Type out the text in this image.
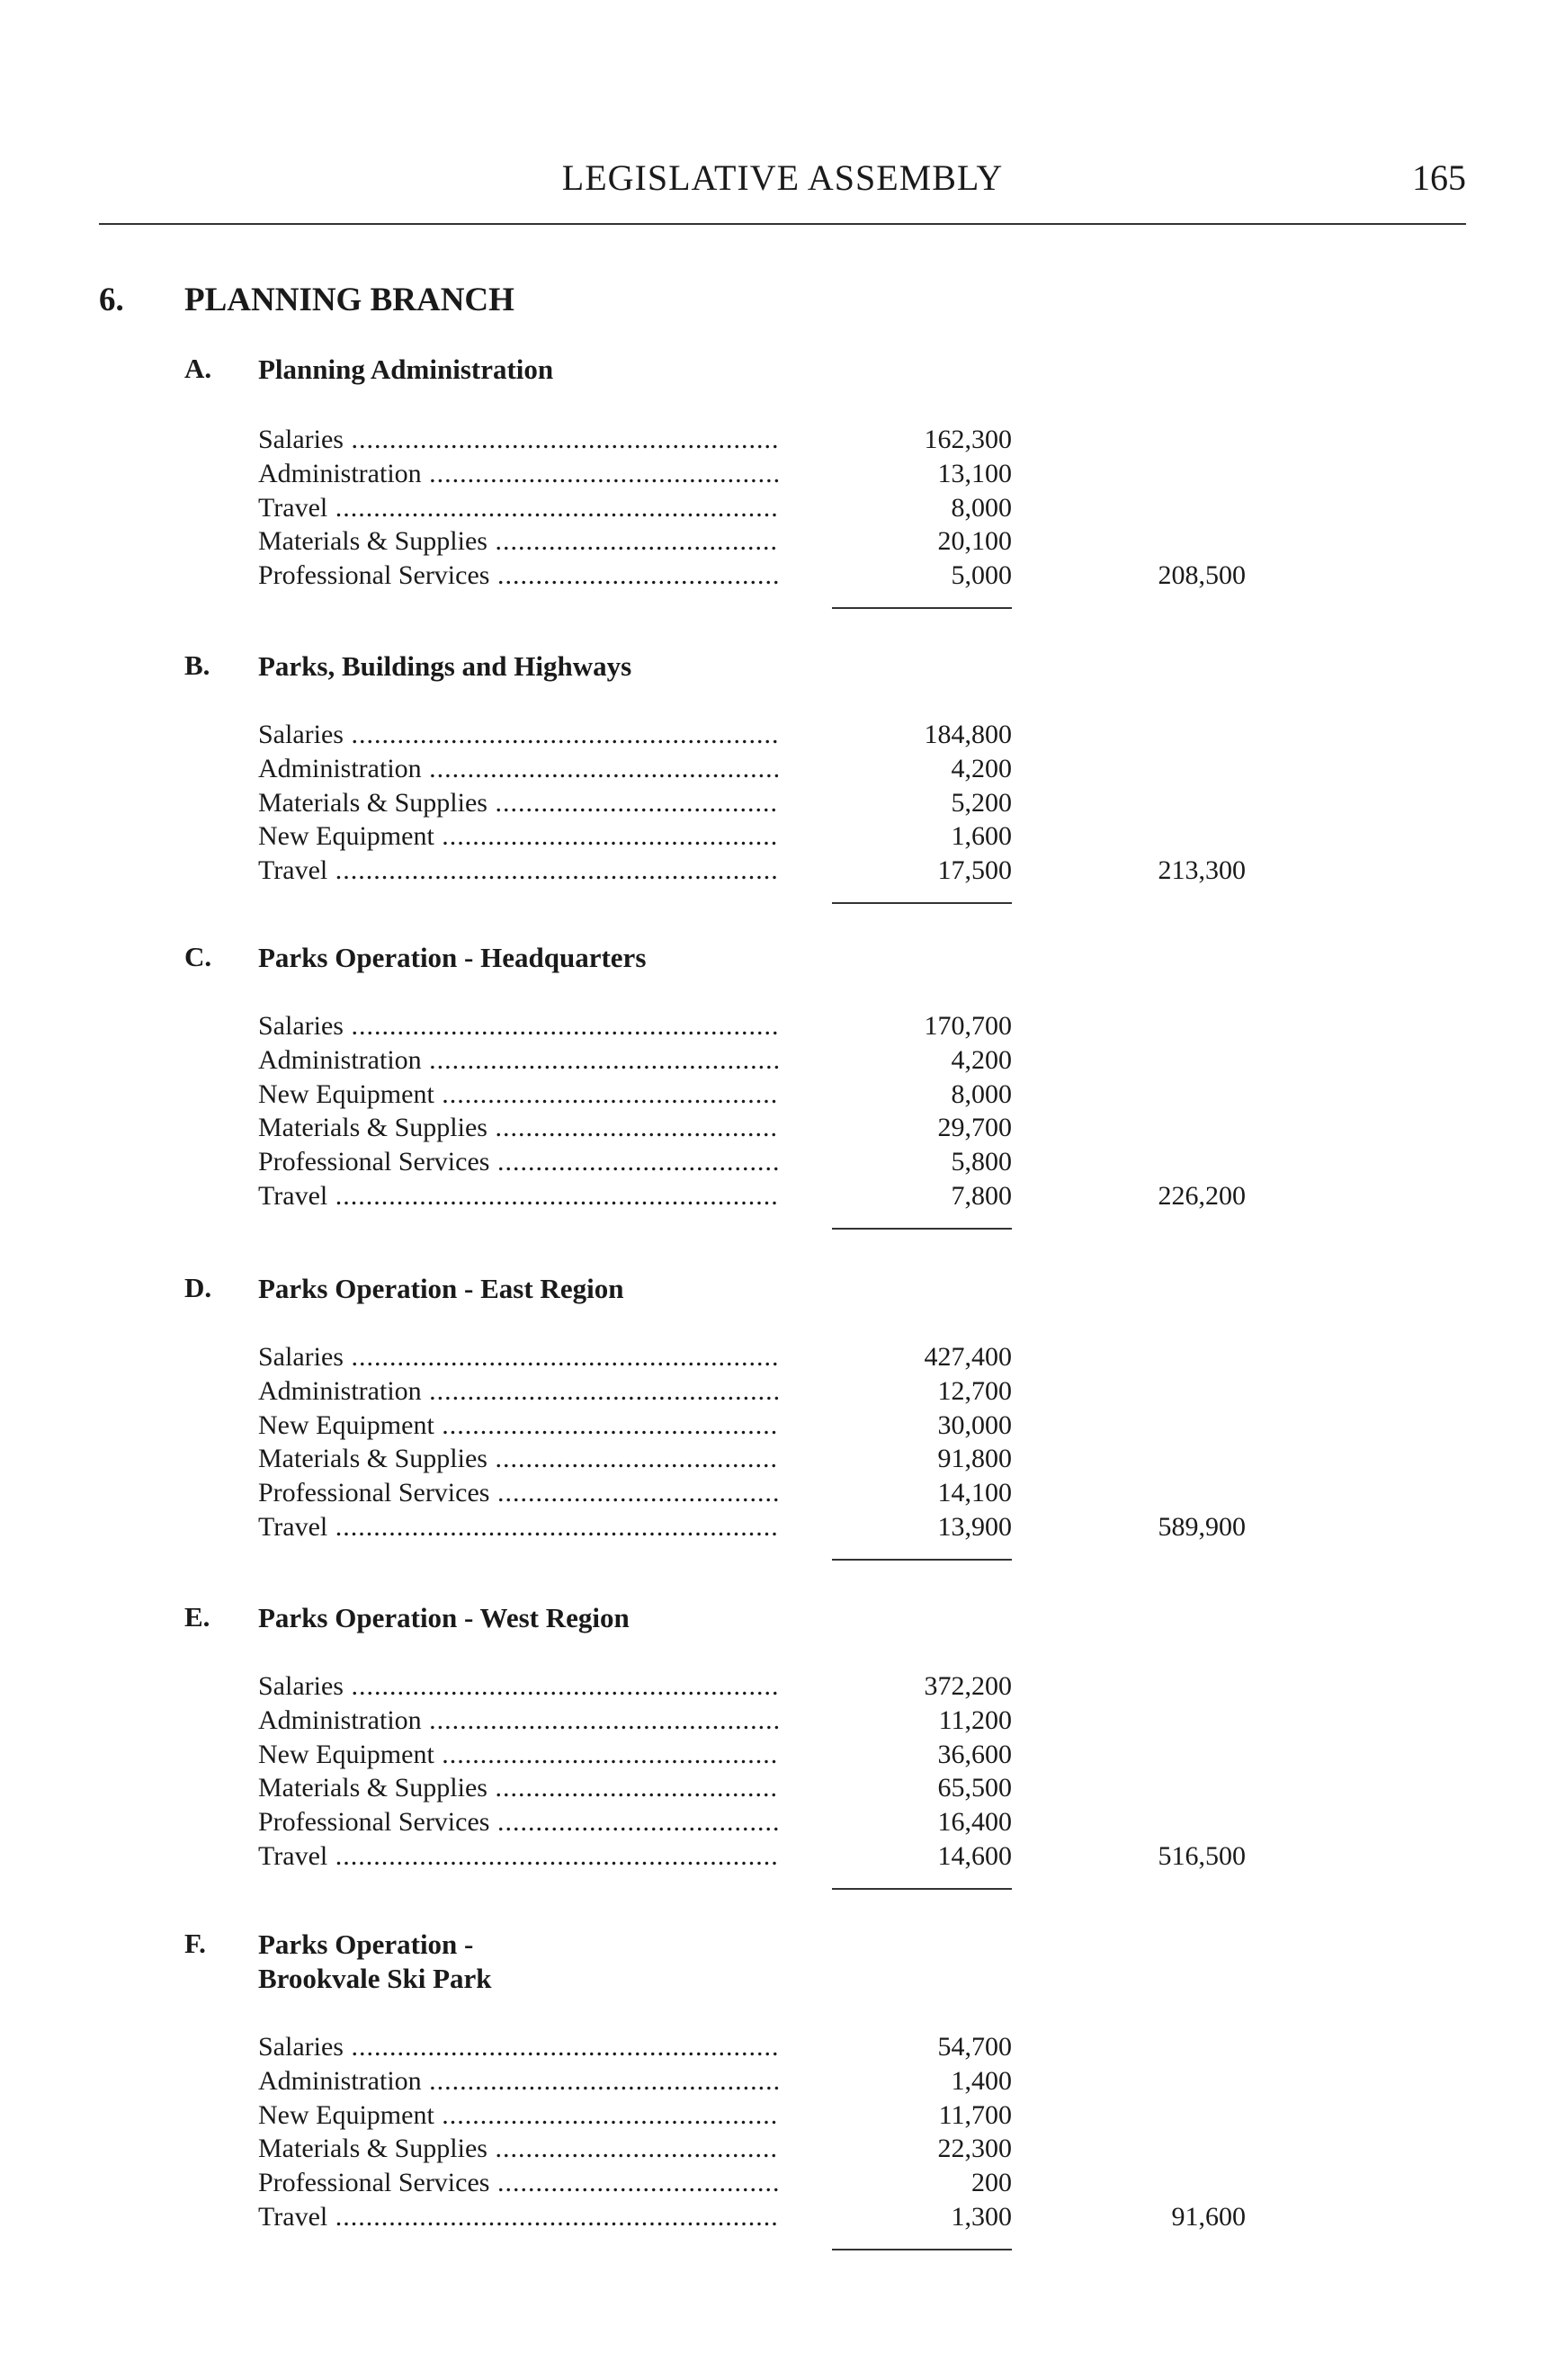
LEGISLATIVE ASSEMBLY	165
6. PLANNING BRANCH
A. Planning Administration
Salaries .....	162,300
Administration .....	13,100
Travel .....	8,000
Materials & Supplies .....	20,100
Professional Services .....	5,000	208,500
B. Parks, Buildings and Highways
Salaries .....	184,800
Administration .....	4,200
Materials & Supplies .....	5,200
New Equipment .....	1,600
Travel .....	17,500	213,300
C. Parks Operation - Headquarters
Salaries .....	170,700
Administration .....	4,200
New Equipment .....	8,000
Materials & Supplies .....	29,700
Professional Services .....	5,800
Travel .....	7,800	226,200
D. Parks Operation - East Region
Salaries .....	427,400
Administration .....	12,700
New Equipment .....	30,000
Materials & Supplies .....	91,800
Professional Services .....	14,100
Travel .....	13,900	589,900
E. Parks Operation - West Region
Salaries .....	372,200
Administration .....	11,200
New Equipment .....	36,600
Materials & Supplies .....	65,500
Professional Services .....	16,400
Travel .....	14,600	516,500
F. Parks Operation -
Brookvale Ski Park
Salaries .....	54,700
Administration .....	1,400
New Equipment .....	11,700
Materials & Supplies .....	22,300
Professional Services .....	200
Travel .....	1,300	91,600
